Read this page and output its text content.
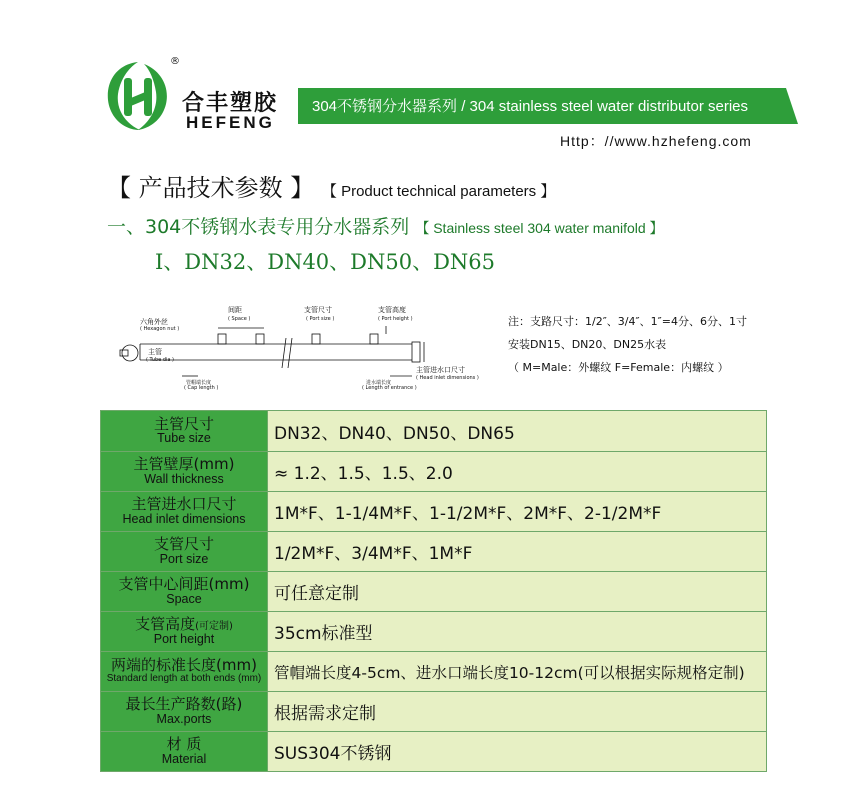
®
合丰塑胶
HEFENG
304不锈钢分水器系列 / 304 stainless steel water distributor series
Http：//www.hzhefeng.com
【 产品技术参数 】 【 Product technical parameters 】
一、304不锈钢水表专用分水器系列 【 Stainless steel 304 water manifold 】
Ⅰ、DN32、DN40、DN50、DN65
六角外丝
( Hexagon nut )
主管
( Tube dia )
间距
( Space )
支管尺寸
( Port size )
支管高度
( Port height )
主管进水口尺寸
( Head inlet dimensions )
管帽端长度
( Cap length )
进水端长度
( Length of entrance )
注：支路尺寸：1/2″、3/4″、1″=4分、6分、1寸
安装DN15、DN20、DN25水表
（ M=Male：外螺纹 F=Female：内螺纹 ）
主管尺寸
Tube size	DN32、DN40、DN50、DN65

主管壁厚(mm)
Wall thickness	≈ 1.2、1.5、1.5、2.0

主管进水口尺寸
Head inlet dimensions	1M*F、1-1/4M*F、1-1/2M*F、2M*F、2-1/2M*F

支管尺寸
Port size	1/2M*F、3/4M*F、1M*F

支管中心间距(mm)
Space	可任意定制

支管高度(可定制)
Port height	35cm标准型

两端的标准长度(mm)
Standard length at both ends (mm)	管帽端长度4-5cm、进水口端长度10-12cm(可以根据实际规格定制)

最长生产路数(路)
Max.ports	根据需求定制

材 质
Material	SUS304不锈钢
